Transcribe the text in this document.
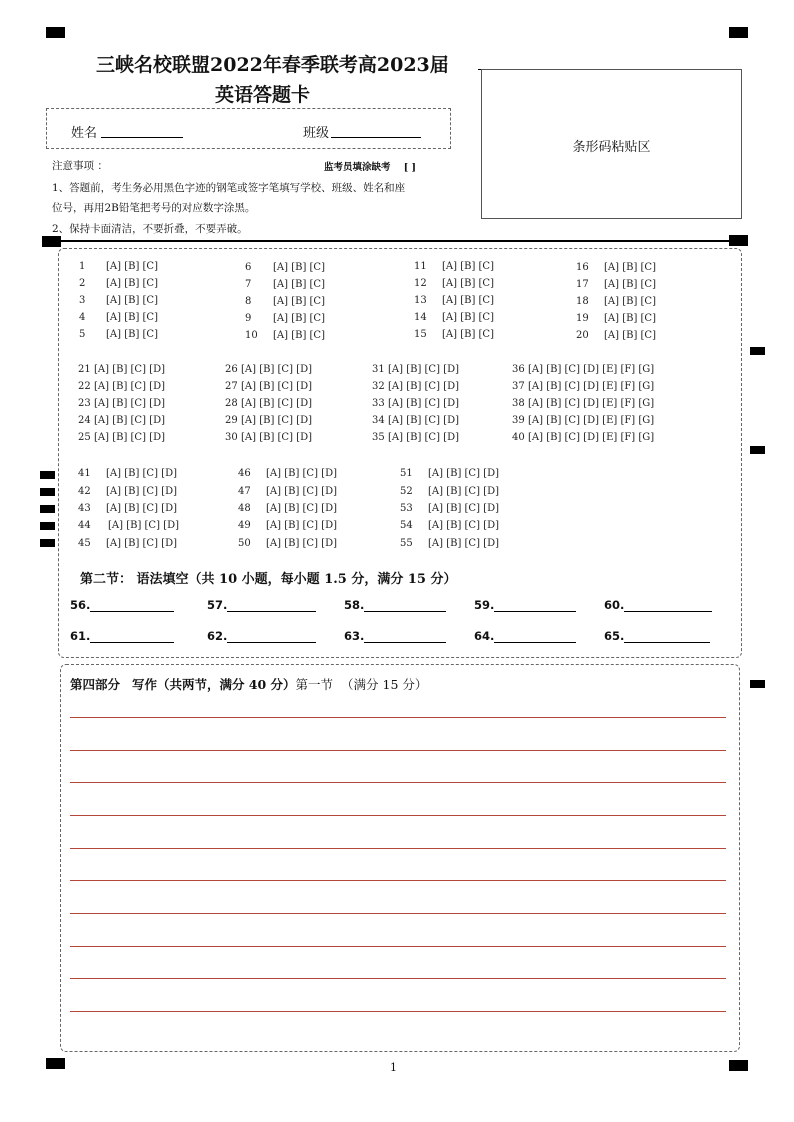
三峡名校联盟2022年春季联考高2023届
英语答题卡
姓名	班级
条形码粘贴区
注意事项 ：	监考员填涂缺考 [ ]
1、答题前，考生务必用黑色字迹的钢笔或签字笔填写学校、班级、姓名和座
位号，再用2B铅笔把考号的对应数字涂黑。
2、保持卡面清洁，不要折叠，不要弄破。
1 [A] [B] [C]
2 [A] [B] [C]
3 [A] [B] [C]
4 [A] [B] [C]
5 [A] [B] [C]
6 [A] [B] [C]
7 [A] [B] [C]
8 [A] [B] [C]
9 [A] [B] [C]
10 [A] [B] [C]
11 [A] [B] [C]
12 [A] [B] [C]
13 [A] [B] [C]
14 [A] [B] [C]
15 [A] [B] [C]
16 [A] [B] [C]
17 [A] [B] [C]
18 [A] [B] [C]
19 [A] [B] [C]
20 [A] [B] [C]
21 [A] [B] [C] [D]
22 [A] [B] [C] [D]
23 [A] [B] [C] [D]
24 [A] [B] [C] [D]
25 [A] [B] [C] [D]
26 [A] [B] [C] [D]
27 [A] [B] [C] [D]
28 [A] [B] [C] [D]
29 [A] [B] [C] [D]
30 [A] [B] [C] [D]
31 [A] [B] [C] [D]
32 [A] [B] [C] [D]
33 [A] [B] [C] [D]
34 [A] [B] [C] [D]
35 [A] [B] [C] [D]
36 [A] [B] [C] [D] [E] [F] [G]
37 [A] [B] [C] [D] [E] [F] [G]
38 [A] [B] [C] [D] [E] [F] [G]
39 [A] [B] [C] [D] [E] [F] [G]
40 [A] [B] [C] [D] [E] [F] [G]
41 [A] [B] [C] [D]
42 [A] [B] [C] [D]
43 [A] [B] [C] [D]
44 [A] [B] [C] [D]
45 [A] [B] [C] [D]
46 [A] [B] [C] [D]
47 [A] [B] [C] [D]
48 [A] [B] [C] [D]
49 [A] [B] [C] [D]
50 [A] [B] [C] [D]
51 [A] [B] [C] [D]
52 [A] [B] [C] [D]
53 [A] [B] [C] [D]
54 [A] [B] [C] [D]
55 [A] [B] [C] [D]
第二节： 语法填空（共 10 小题，每小题 1.5 分，满分 15 分）
56.	57.	58.	59.	60.
61.	62.	63.	64.	65.
第四部分 写作（共两节，满分 40 分）第一节 （满分 15 分）
1
